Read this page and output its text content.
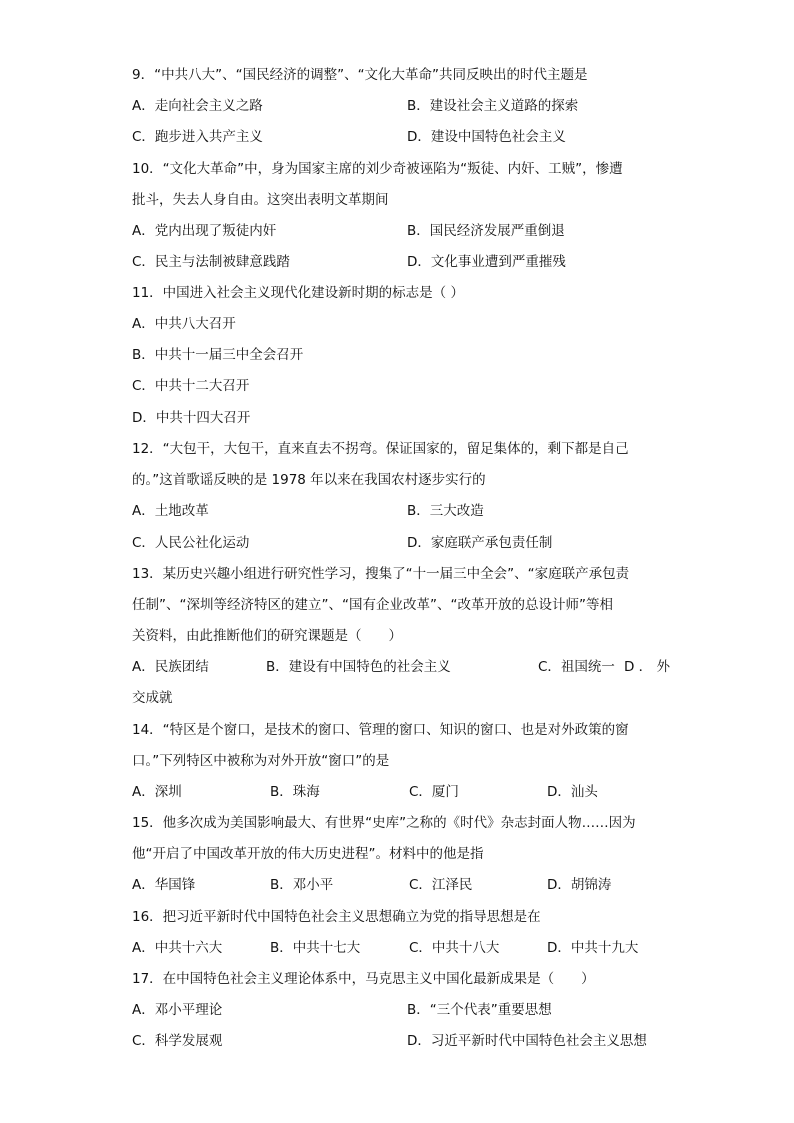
9．“中共八大”、“国民经济的调整”、“文化大革命”共同反映出的时代主题是
A．走向社会主义之路	B．建设社会主义道路的探索
C．跑步进入共产主义	D．建设中国特色社会主义
10．“文化大革命”中，身为国家主席的刘少奇被诬陷为“叛徒、内奸、工贼”，惨遭
批斗，失去人身自由。这突出表明文革期间
A．党内出现了叛徒内奸	B．国民经济发展严重倒退
C．民主与法制被肆意践踏	D．文化事业遭到严重摧残
11．中国进入社会主义现代化建设新时期的标志是（ ）
A．中共八大召开
B．中共十一届三中全会召开
C．中共十二大召开
D．中共十四大召开
12．“大包干，大包干，直来直去不拐弯。保证国家的，留足集体的，剩下都是自己
的。”这首歌谣反映的是 1978 年以来在我国农村逐步实行的
A．土地改革	B．三大改造
C．人民公社化运动	D．家庭联产承包责任制
13．某历史兴趣小组进行研究性学习，搜集了“十一届三中全会”、“家庭联产承包责
任制”、“深圳等经济特区的建立”、“国有企业改革”、“改革开放的总设计师”等相
关资料，由此推断他们的研究课题是（　　）
A．民族团结	B．建设有中国特色的社会主义	C．祖国统一 D ． 外
交成就
14．“特区是个窗口，是技术的窗口、管理的窗口、知识的窗口、也是对外政策的窗
口。”下列特区中被称为对外开放“窗口”的是
A．深圳	B．珠海	C．厦门	D．汕头
15．他多次成为美国影响最大、有世界“史库”之称的《时代》杂志封面人物……因为
他“开启了中国改革开放的伟大历史进程”。材料中的他是指
A．华国锋	B．邓小平	C．江泽民	D．胡锦涛
16．把习近平新时代中国特色社会主义思想确立为党的指导思想是在
A．中共十六大	B．中共十七大	C．中共十八大	D．中共十九大
17．在中国特色社会主义理论体系中，马克思主义中国化最新成果是（　　）
A．邓小平理论	B．“三个代表”重要思想
C．科学发展观	D．习近平新时代中国特色社会主义思想
